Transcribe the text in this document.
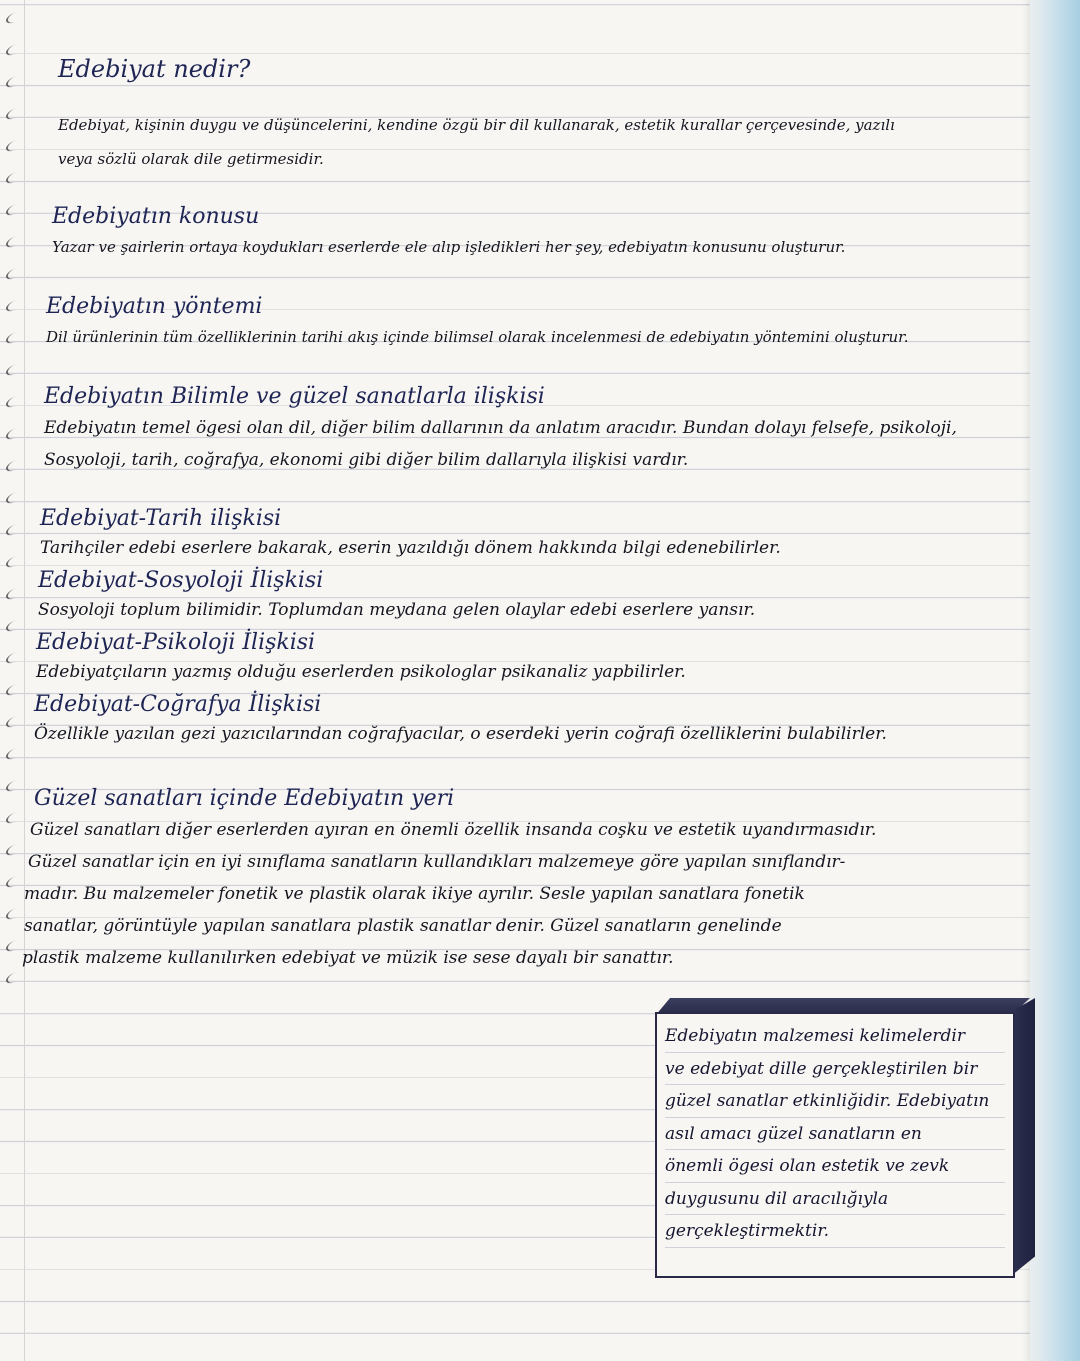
Edebiyat nedir?
Edebiyat, kişinin duygu ve düşüncelerini, kendine özgü bir dil kullanarak, estetik kurallar çerçevesinde, yazılı
veya sözlü olarak dile getirmesidir.
Edebiyatın konusu
Yazar ve şairlerin ortaya koydukları eserlerde ele alıp işledikleri her şey, edebiyatın konusunu oluşturur.
Edebiyatın yöntemi
Dil ürünlerinin tüm özelliklerinin tarihi akış içinde bilimsel olarak incelenmesi de edebiyatın yöntemini oluşturur.
Edebiyatın Bilimle ve güzel sanatlarla ilişkisi
Edebiyatın temel ögesi olan dil, diğer bilim dallarının da anlatım aracıdır. Bundan dolayı felsefe, psikoloji,
Sosyoloji, tarih, coğrafya, ekonomi gibi diğer bilim dallarıyla ilişkisi vardır.
Edebiyat-Tarih ilişkisi
Tarihçiler edebi eserlere bakarak, eserin yazıldığı dönem hakkında bilgi edenebilirler.
Edebiyat-Sosyoloji İlişkisi
Sosyoloji toplum bilimidir. Toplumdan meydana gelen olaylar edebi eserlere yansır.
Edebiyat-Psikoloji İlişkisi
Edebiyatçıların yazmış olduğu eserlerden psikologlar psikanaliz yapbilirler.
Edebiyat-Coğrafya İlişkisi
Özellikle yazılan gezi yazıcılarından coğrafyacılar, o eserdeki yerin coğrafi özelliklerini bulabilirler.
Güzel sanatları içinde Edebiyatın yeri
Güzel sanatları diğer eserlerden ayıran en önemli özellik insanda coşku ve estetik uyandırmasıdır.
Güzel sanatlar için en iyi sınıflama sanatların kullandıkları malzemeye göre yapılan sınıflandır-
madır. Bu malzemeler fonetik ve plastik olarak ikiye ayrılır. Sesle yapılan sanatlara fonetik
sanatlar, görüntüyle yapılan sanatlara plastik sanatlar denir. Güzel sanatların genelinde
plastik malzeme kullanılırken edebiyat ve müzik ise sese dayalı bir sanattır.
Edebiyatın malzemesi kelimelerdir
ve edebiyat dille gerçekleştirilen bir
güzel sanatlar etkinliğidir. Edebiyatın
asıl amacı güzel sanatların en
önemli ögesi olan estetik ve zevk
duygusunu dil aracılığıyla
gerçekleştirmektir.
